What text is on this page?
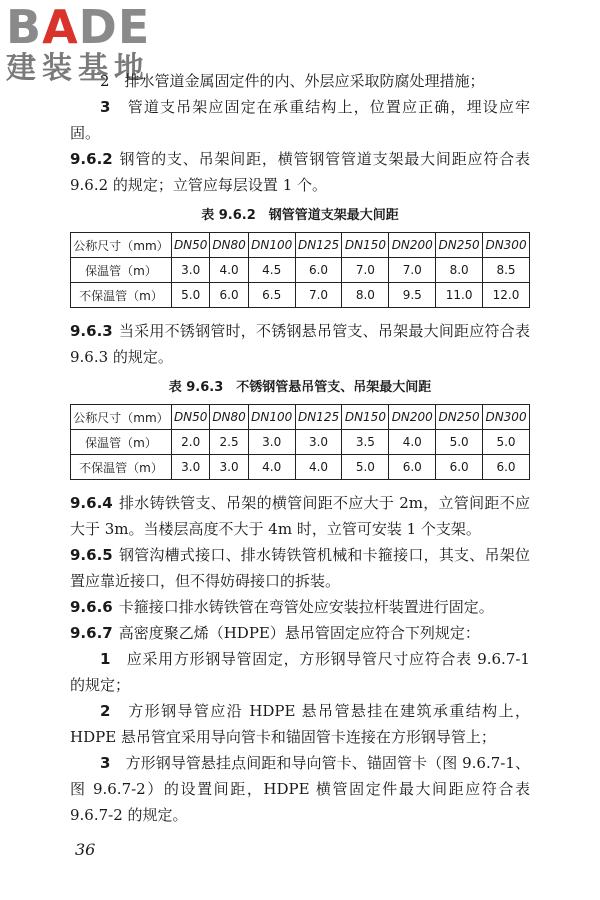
BADE
建装基地

2　排水管道金属固定件的内、外层应采取防腐处理措施；

3　 管道支吊架应固定在承重结构上，位置应正确，埋设应牢固。

9.6.2 钢管的支、吊架间距，横管钢管管道支架最大间距应符合表 9.6.2 的规定；立管应每层设置 1 个。

表 9.6.2　钢管管道支架最大间距
公称尺寸（mm）	DN50	DN80	DN100	DN125	DN150	DN200	DN250	DN300
保温管（m）	3.0	4.0	4.5	6.0	7.0	7.0	8.0	8.5
不保温管（m）	5.0	6.0	6.5	7.0	8.0	9.5	11.0	12.0

9.6.3 当采用不锈钢管时，不锈钢悬吊管支、吊架最大间距应符合表 9.6.3 的规定。

表 9.6.3　不锈钢管悬吊管支、吊架最大间距
公称尺寸（mm）	DN50	DN80	DN100	DN125	DN150	DN200	DN250	DN300
保温管（m）	2.0	2.5	3.0	3.0	3.5	4.0	5.0	5.0
不保温管（m）	3.0	3.0	4.0	4.0	5.0	6.0	6.0	6.0

9.6.4 排水铸铁管支、吊架的横管间距不应大于 2m，立管间距不应大于 3m。当楼层高度不大于 4m 时，立管可安装 1 个支架。

9.6.5 钢管沟槽式接口、排水铸铁管机械和卡箍接口，其支、吊架位置应靠近接口，但不得妨碍接口的拆装。

9.6.6 卡箍接口排水铸铁管在弯管处应安装拉杆装置进行固定。

9.6.7 高密度聚乙烯（HDPE）悬吊管固定应符合下列规定：

1　 应采用方形钢导管固定，方形钢导管尺寸应符合表 9.6.7-1 的规定；

2　 方形钢导管应沿 HDPE 悬吊管悬挂在建筑承重结构上，HDPE 悬吊管宜采用导向管卡和锚固管卡连接在方形钢导管上；

3　 方形钢导管悬挂点间距和导向管卡、锚固管卡（图 9.6.7-1、图 9.6.7-2）的设置间距，HDPE 横管固定件最大间距应符合表 9.6.7-2 的规定。

36
